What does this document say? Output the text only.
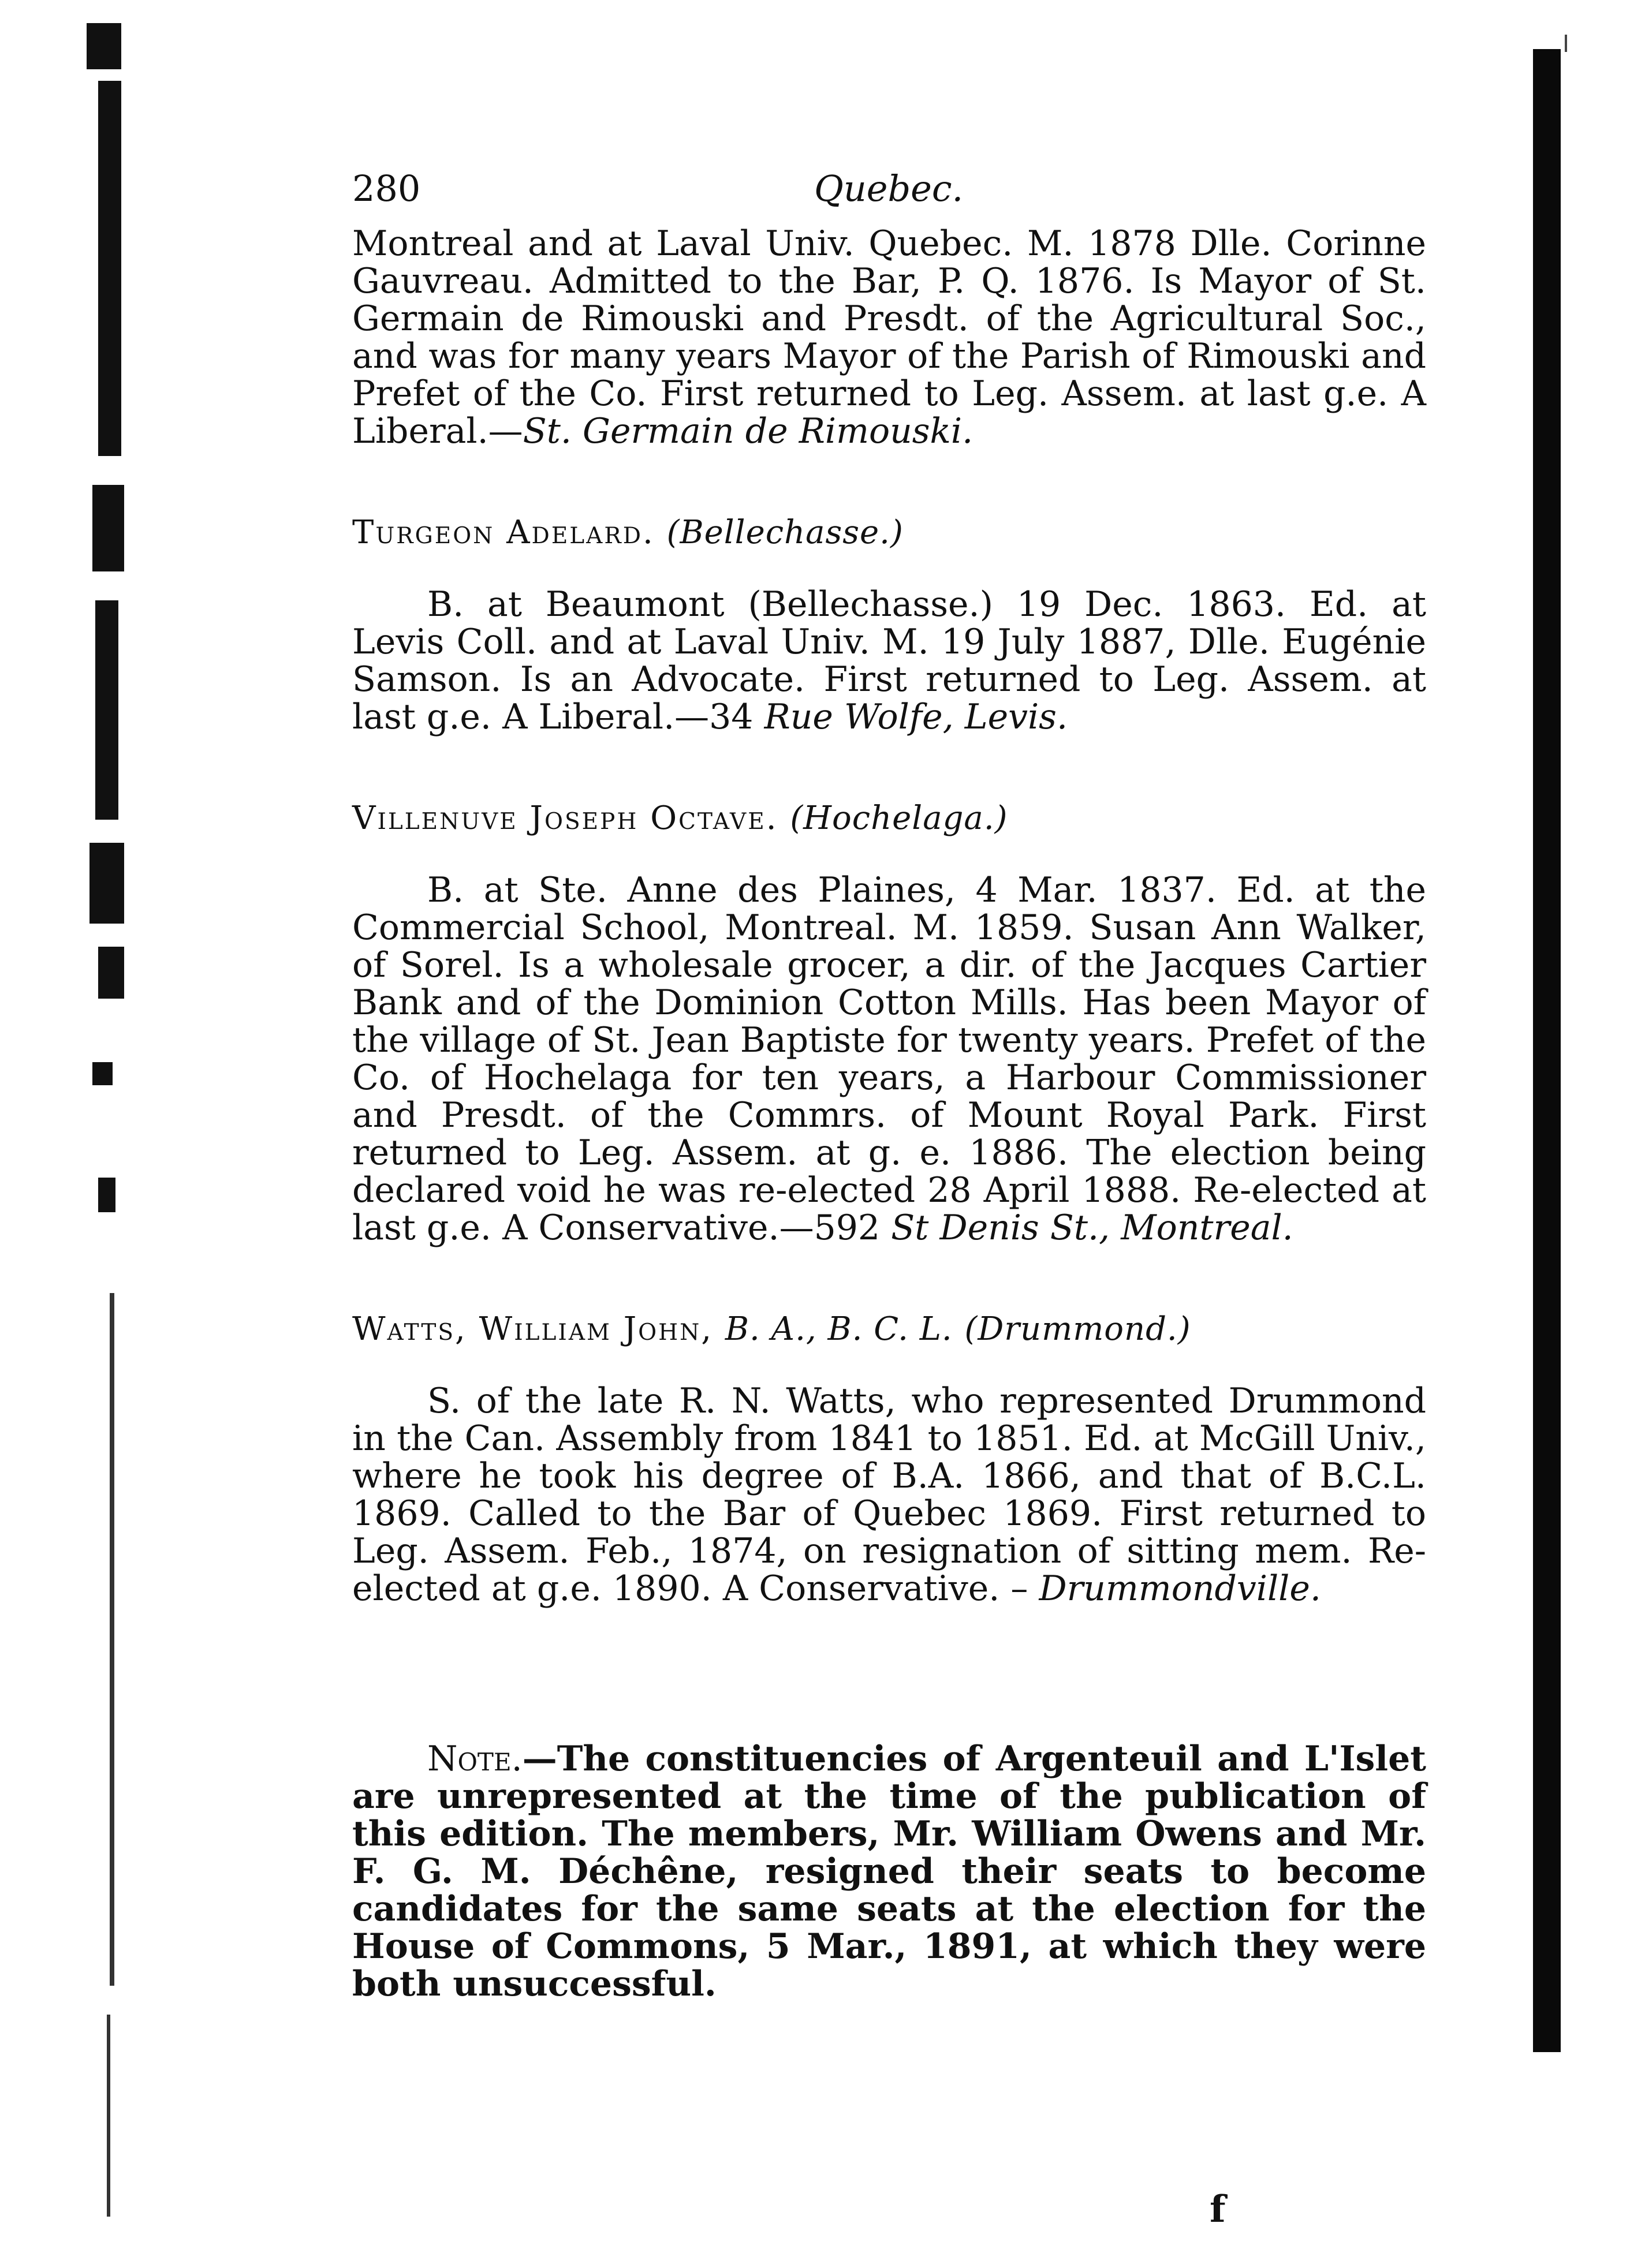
280	Quebec.

Montreal and at Laval Univ. Quebec. M. 1878 Dlle. Corinne Gauvreau. Admitted to the Bar, P. Q. 1876. Is Mayor of St. Germain de Rimouski and Presdt. of the Agricultural Soc., and was for many years Mayor of the Parish of Rimouski and Prefet of the Co. First returned to Leg. Assem. at last g.e. A Liberal.—St. Germain de Rimouski.

Turgeon Adelard. (Bellechasse.)

B. at Beaumont (Bellechasse.) 19 Dec. 1863. Ed. at Levis Coll. and at Laval Univ. M. 19 July 1887, Dlle. Eugénie Samson. Is an Advocate. First returned to Leg. Assem. at last g.e. A Liberal.—34 Rue Wolfe, Levis.

Villenuve Joseph Octave. (Hochelaga.)

B. at Ste. Anne des Plaines, 4 Mar. 1837. Ed. at the Commercial School, Montreal. M. 1859. Susan Ann Walker, of Sorel. Is a wholesale grocer, a dir. of the Jacques Cartier Bank and of the Dominion Cotton Mills. Has been Mayor of the village of St. Jean Baptiste for twenty years. Prefet of the Co. of Hochelaga for ten years, a Harbour Commissioner and Presdt. of the Commrs. of Mount Royal Park. First returned to Leg. Assem. at g. e. 1886. The election being declared void he was re-elected 28 April 1888. Re-elected at last g.e. A Conservative.—592 St Denis St., Montreal.

Watts, William John, B. A., B. C. L. (Drummond.)

S. of the late R. N. Watts, who represented Drummond in the Can. Assembly from 1841 to 1851. Ed. at McGill Univ., where he took his degree of B.A. 1866, and that of B.C.L. 1869. Called to the Bar of Quebec 1869. First returned to Leg. Assem. Feb., 1874, on resignation of sitting mem. Re-elected at g.e. 1890. A Conservative. – Drummondville.

Note.—The constituencies of Argenteuil and L'Islet are unrepresented at the time of the publication of this edition. The members, Mr. William Owens and Mr. F. G. M. Déchêne, resigned their seats to become candidates for the same seats at the election for the House of Commons, 5 Mar., 1891, at which they were both unsuccessful.

f
